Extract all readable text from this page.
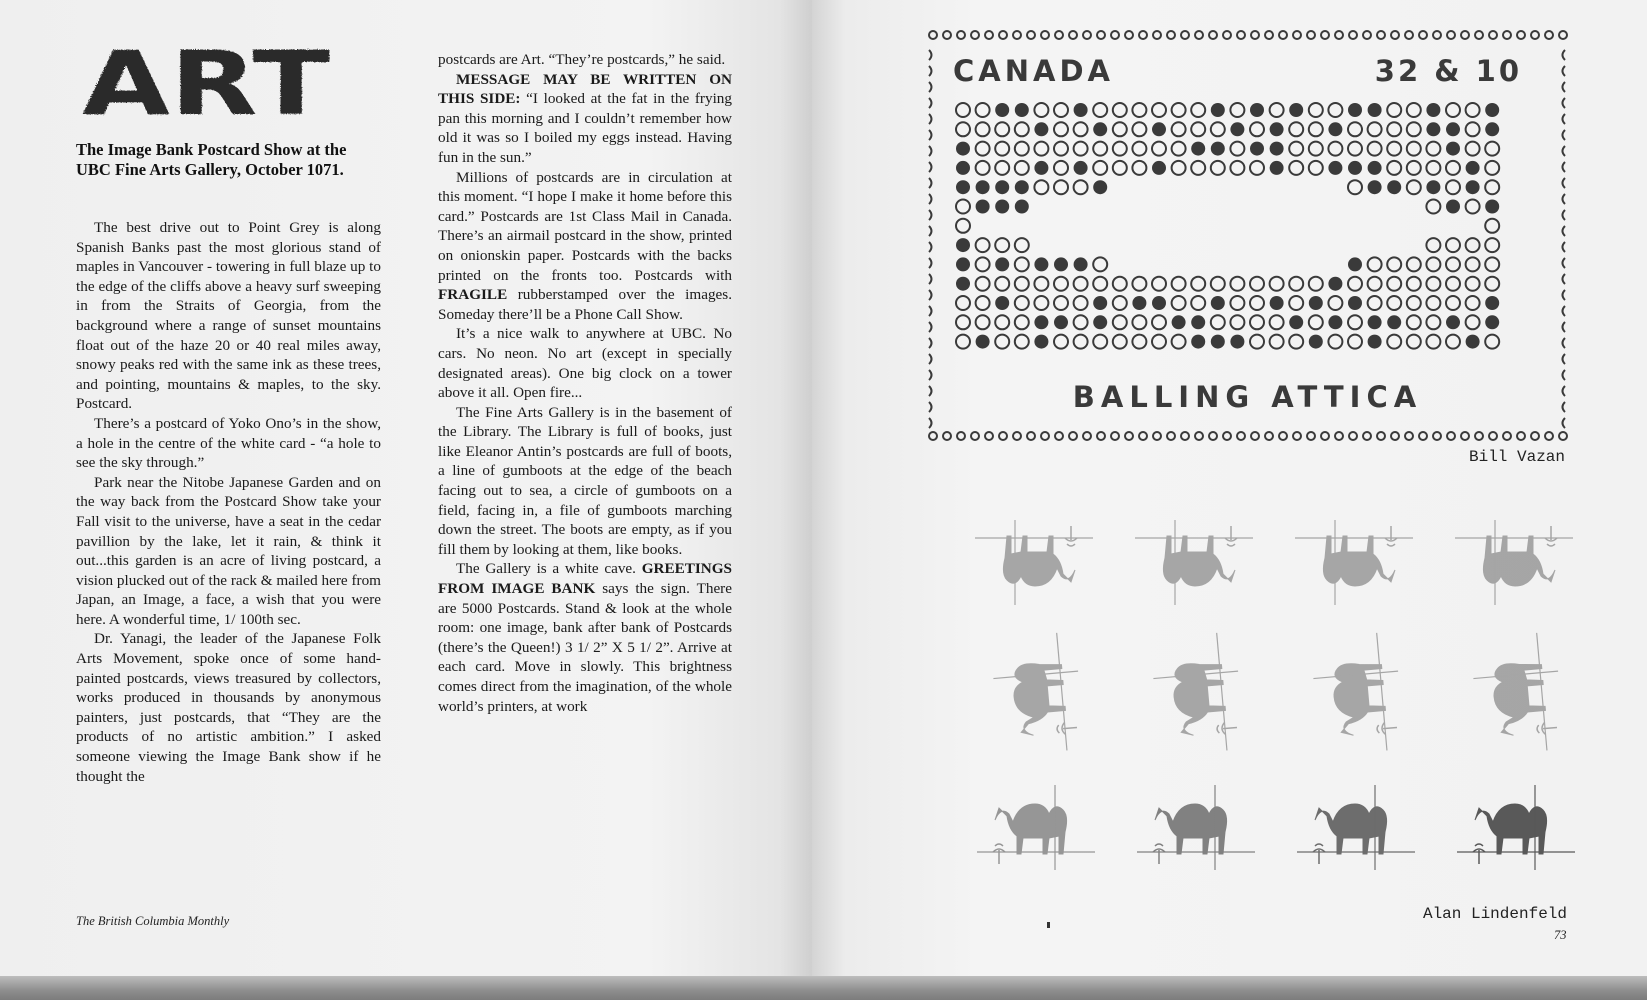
ART
The Image Bank Postcard Show at the UBC Fine Arts Gallery, October 1071.

The best drive out to Point Grey is along Spanish Banks past the most glorious stand of maples in Vancouver - towering in full blaze up to the edge of the cliffs above a heavy surf sweeping in from the Straits of Georgia, from the background where a range of sunset mountains float out of the haze 20 or 40 real miles away, snowy peaks red with the same ink as these trees, and pointing, mountains & maples, to the sky. Postcard.

There’s a postcard of Yoko Ono’s in the show, a hole in the centre of the white card - “a hole to see the sky through.”

Park near the Nitobe Japanese Garden and on the way back from the Postcard Show take your Fall visit to the universe, have a seat in the cedar pavillion by the lake, let it rain, & think it out...this garden is an acre of living postcard, a vision plucked out of the rack & mailed here from Japan, an Image, a face, a wish that you were here. A wonderful time, 1/ 100th sec.

Dr. Yanagi, the leader of the Japanese Folk Arts Movement, spoke once of some hand-painted postcards, views treasured by collectors, works produced in thousands by anonymous painters, just postcards, that “They are the products of no artistic ambition.” I asked someone viewing the Image Bank show if he thought the

postcards are Art. “They’re postcards,” he said.

MESSAGE MAY BE WRITTEN ON THIS SIDE: “I looked at the fat in the frying pan this morning and I couldn’t remember how old it was so I boiled my eggs instead. Having fun in the sun.”

Millions of postcards are in circulation at this moment. “I hope I make it home before this card.” Postcards are 1st Class Mail in Canada. There’s an airmail postcard in the show, printed on onionskin paper. Postcards with the backs printed on the fronts too. Postcards with FRAGILE rubberstamped over the images. Someday there’ll be a Phone Call Show.

It’s a nice walk to anywhere at UBC. No cars. No neon. No art (except in specially designated areas). One big clock on a tower above it all. Open fire...

The Fine Arts Gallery is in the basement of the Library. The Library is full of books, just like Eleanor Antin’s postcards are full of boots, a line of gumboots at the edge of the beach facing out to sea, a circle of gumboots on a field, facing in, a file of gumboots marching down the street. The boots are empty, as if you fill them by looking at them, like books.

The Gallery is a white cave. GREETINGS FROM IMAGE BANK says the sign. There are 5000 Postcards. Stand & look at the whole room: one image, bank after bank of Postcards (there’s the Queen!) 3 1/ 2” X 5 1/ 2”. Arrive at each card. Move in slowly. This brightness comes direct from the imagination, of the whole world’s printers, at work

The British Columbia Monthly
CANADA	32 & 10
BALLING ATTICA
Bill Vazan
Alan Lindenfeld
73
